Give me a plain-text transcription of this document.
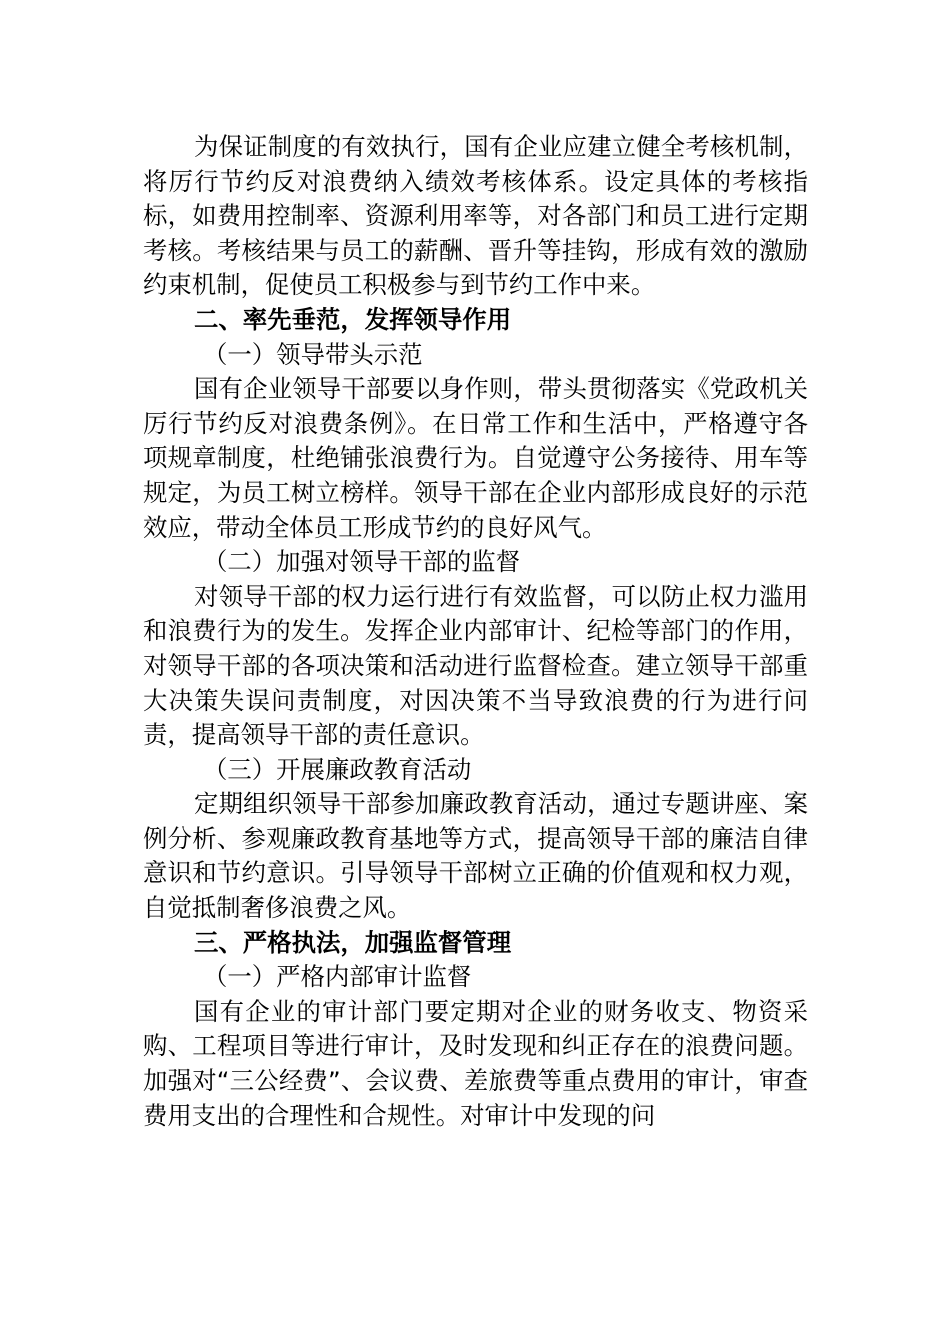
为保证制度的有效执行，国有企业应建立健全考核机制，将厉行节约反对浪费纳入绩效考核体系。设定具体的考核指标，如费用控制率、资源利用率等，对各部门和员工进行定期考核。考核结果与员工的薪酬、晋升等挂钩，形成有效的激励约束机制，促使员工积极参与到节约工作中来。

二、率先垂范，发挥领导作用

（一）领导带头示范

国有企业领导干部要以身作则，带头贯彻落实《党政机关厉行节约反对浪费条例》。在日常工作和生活中，严格遵守各项规章制度，杜绝铺张浪费行为。自觉遵守公务接待、用车等规定，为员工树立榜样。领导干部在企业内部形成良好的示范效应，带动全体员工形成节约的良好风气。

（二）加强对领导干部的监督

对领导干部的权力运行进行有效监督，可以防止权力滥用和浪费行为的发生。发挥企业内部审计、纪检等部门的作用，对领导干部的各项决策和活动进行监督检查。建立领导干部重大决策失误问责制度，对因决策不当导致浪费的行为进行问责，提高领导干部的责任意识。

（三）开展廉政教育活动

定期组织领导干部参加廉政教育活动，通过专题讲座、案例分析、参观廉政教育基地等方式，提高领导干部的廉洁自律意识和节约意识。引导领导干部树立正确的价值观和权力观，自觉抵制奢侈浪费之风。

三、严格执法，加强监督管理

（一）严格内部审计监督

国有企业的审计部门要定期对企业的财务收支、物资采购、工程项目等进行审计，及时发现和纠正存在的浪费问题。加强对“三公经费”、会议费、差旅费等重点费用的审计，审查费用支出的合理性和合规性。对审计中发现的问
